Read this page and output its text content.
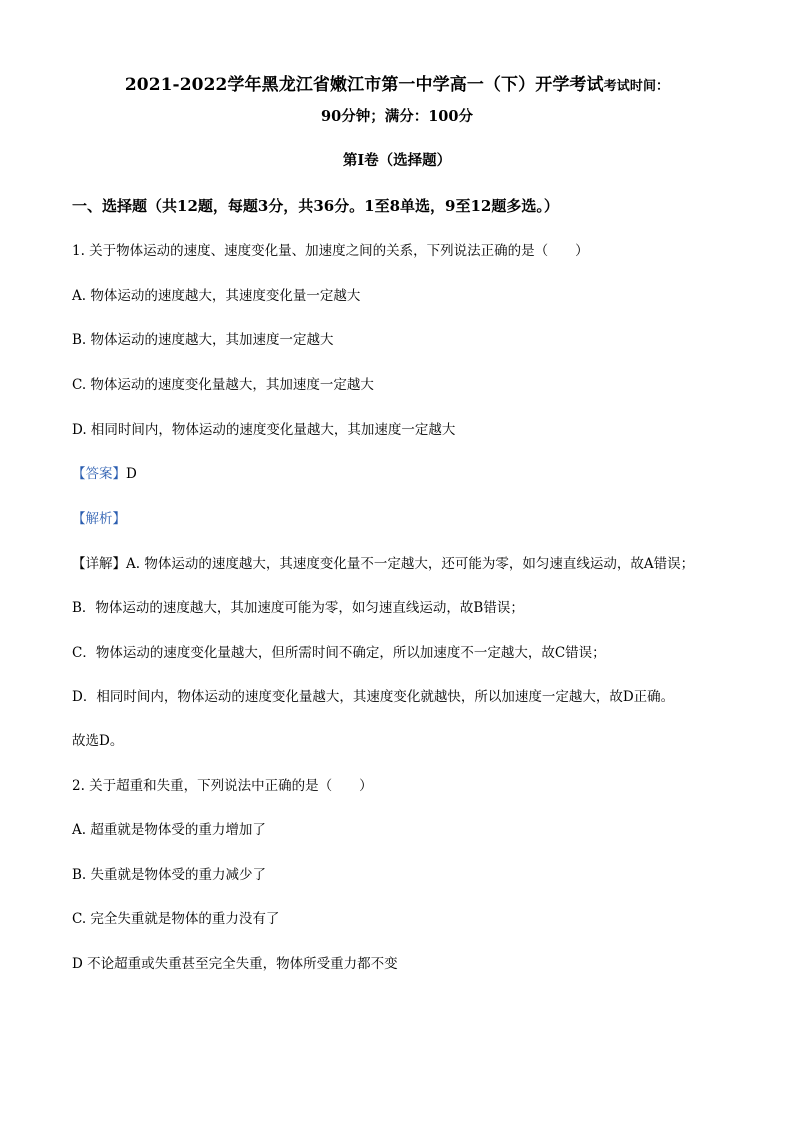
2021-2022学年黑龙江省嫩江市第一中学高一（下）开学考试考试时间：
90分钟；满分：100分
第I卷（选择题）
一、选择题（共12题，每题3分，共36分。1至8单选，9至12题多选。）
1. 关于物体运动的速度、速度变化量、加速度之间的关系，下列说法正确的是（　　）
A. 物体运动的速度越大，其速度变化量一定越大
B. 物体运动的速度越大，其加速度一定越大
C. 物体运动的速度变化量越大，其加速度一定越大
D. 相同时间内，物体运动的速度变化量越大，其加速度一定越大
【答案】D
【解析】
【详解】A. 物体运动的速度越大，其速度变化量不一定越大，还可能为零，如匀速直线运动，故A错误；
B．物体运动的速度越大，其加速度可能为零，如匀速直线运动，故B错误；
C．物体运动的速度变化量越大，但所需时间不确定，所以加速度不一定越大，故C错误；
D．相同时间内，物体运动的速度变化量越大，其速度变化就越快，所以加速度一定越大，故D正确。
故选D。
2. 关于超重和失重，下列说法中正确的是（　　）
A. 超重就是物体受的重力增加了
B. 失重就是物体受的重力减少了
C. 完全失重就是物体的重力没有了
D 不论超重或失重甚至完全失重，物体所受重力都不变
